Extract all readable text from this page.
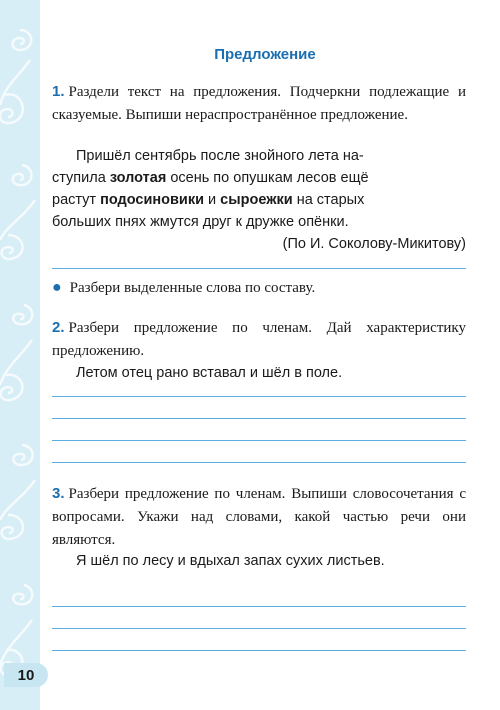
Предложение
1. Раздели текст на предложения. Подчеркни подлежащие и сказуемые. Выпиши нераспространённое предложение.
Пришёл сентябрь после знойного лета на-
ступила золотая осень по опушкам лесов ещё
растут подосиновики и сыроежки на старых
больших пнях жмутся друг к дружке опёнки.
(По И. Соколову-Микитову)
● Разбери выделенные слова по составу.
2. Разбери предложение по членам. Дай характеристику предложению.
Летом отец рано вставал и шёл в поле.
3. Разбери предложение по членам. Выпиши словосочетания с вопросами. Укажи над словами, какой частью речи они являются.
Я шёл по лесу и вдыхал запах сухих листьев.
10
